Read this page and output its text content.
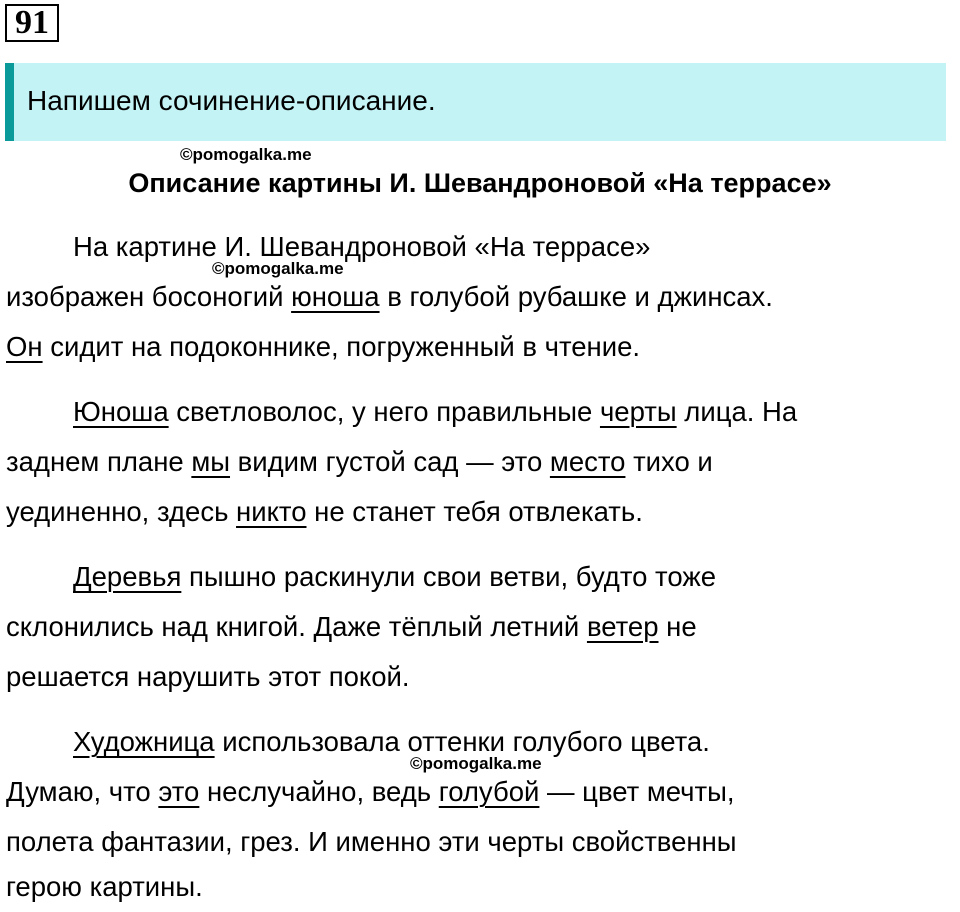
91
Напишем сочинение-описание.
©pomogalka.me
Описание картины И. Шевандроновой «На террасе»
©pomogalka.me
©pomogalka.me
На картине И. Шевандроновой «На террасе»
изображен босоногий юноша в голубой рубашке и джинсах.
Он сидит на подоконнике, погруженный в чтение.
Юноша светловолос, у него правильные черты лица. На
заднем плане мы видим густой сад — это место тихо и
уединенно, здесь никто не станет тебя отвлекать.
Деревья пышно раскинули свои ветви, будто тоже
склонились над книгой. Даже тёплый летний ветер не
решается нарушить этот покой.
Художница использовала оттенки голубого цвета.
Думаю, что это неслучайно, ведь голубой — цвет мечты,
полета фантазии, грез. И именно эти черты свойственны
герою картины.
